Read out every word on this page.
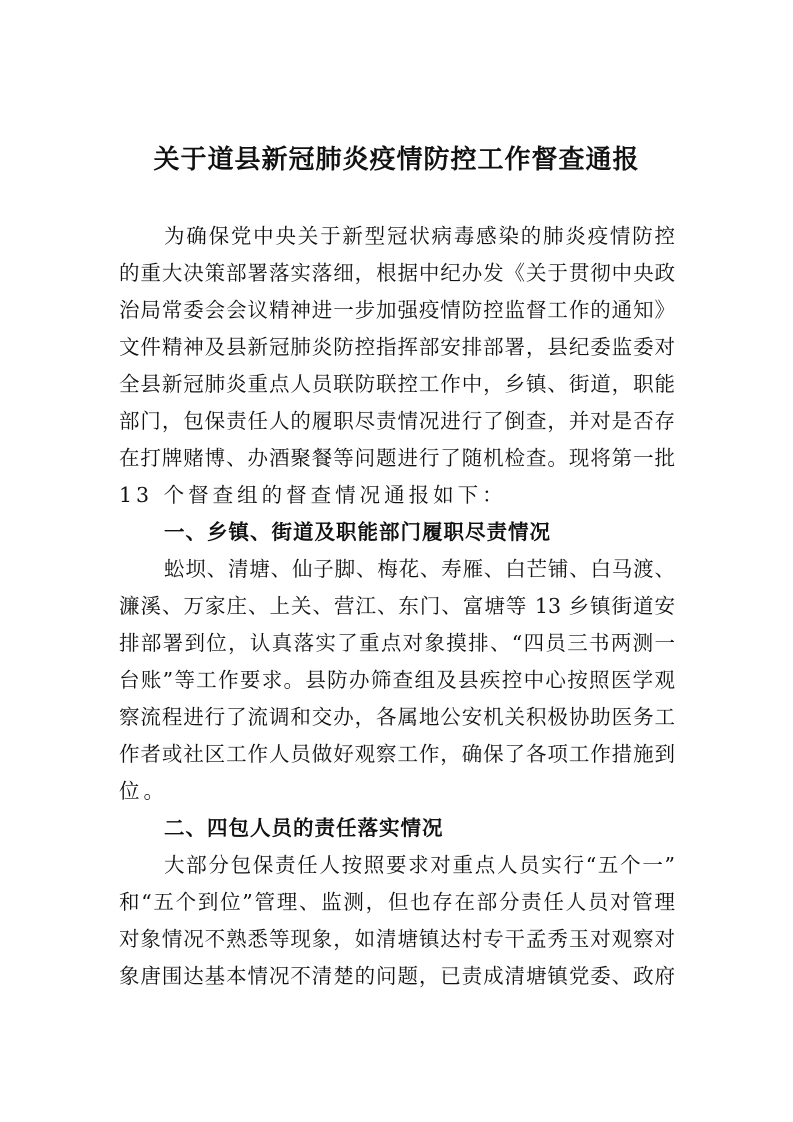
关于道县新冠肺炎疫情防控工作督查通报
为确保党中央关于新型冠状病毒感染的肺炎疫情防控
的重大决策部署落实落细，根据中纪办发《关于贯彻中央政
治局常委会会议精神进一步加强疫情防控监督工作的通知》
文件精神及县新冠肺炎防控指挥部安排部署，县纪委监委对
全县新冠肺炎重点人员联防联控工作中，乡镇、街道，职能
部门，包保责任人的履职尽责情况进行了倒查，并对是否存
在打牌赌博、办酒聚餐等问题进行了随机检查。现将第一批
13 个督查组的督查情况通报如下：
一、乡镇、街道及职能部门履职尽责情况
蚣坝、清塘、仙子脚、梅花、寿雁、白芒铺、白马渡、
濂溪、万家庄、上关、营江、东门、富塘等 13 乡镇街道安
排部署到位，认真落实了重点对象摸排、“四员三书两测一
台账”等工作要求。县防办筛查组及县疾控中心按照医学观
察流程进行了流调和交办，各属地公安机关积极协助医务工
作者或社区工作人员做好观察工作，确保了各项工作措施到
位。
二、四包人员的责任落实情况
大部分包保责任人按照要求对重点人员实行“五个一”
和“五个到位”管理、监测，但也存在部分责任人员对管理
对象情况不熟悉等现象，如清塘镇达村专干孟秀玉对观察对
象唐围达基本情况不清楚的问题，已责成清塘镇党委、政府
